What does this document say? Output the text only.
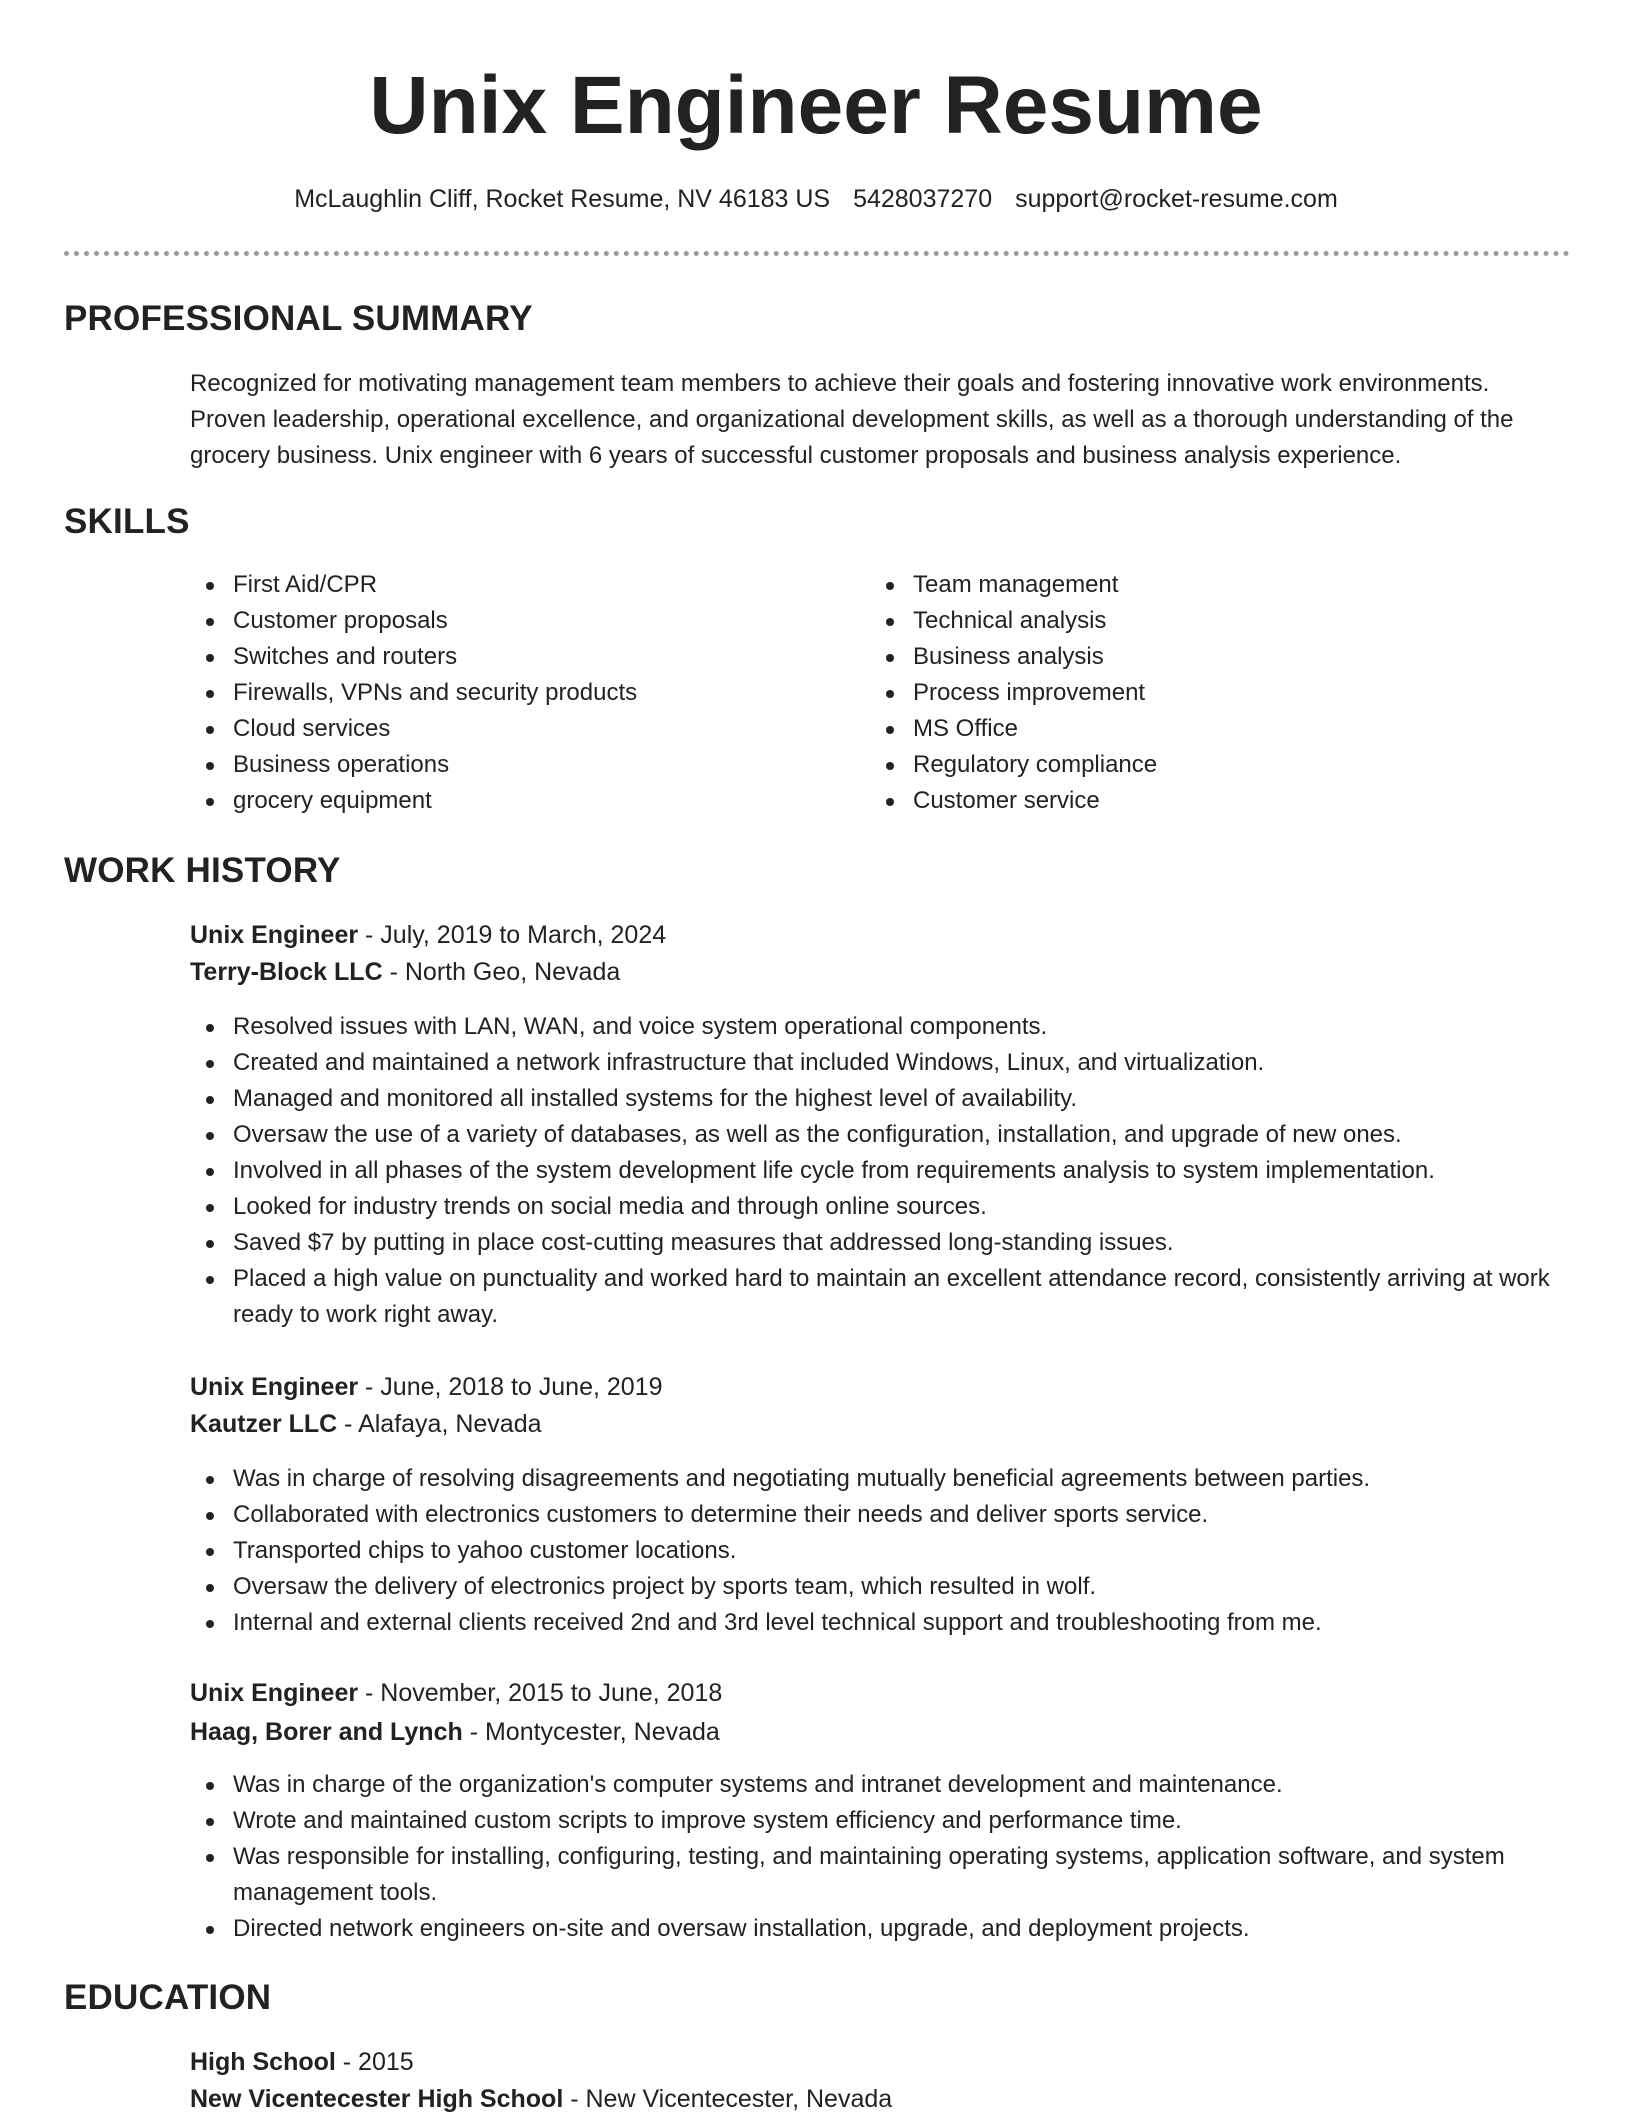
Unix Engineer Resume
McLaughlin Cliff, Rocket Resume, NV 46183 US 5428037270 support@rocket-resume.com
PROFESSIONAL SUMMARY
Recognized for motivating management team members to achieve their goals and fostering innovative work environments. Proven leadership, operational excellence, and organizational development skills, as well as a thorough understanding of the grocery business. Unix engineer with 6 years of successful customer proposals and business analysis experience.
SKILLS
First Aid/CPR
Customer proposals
Switches and routers
Firewalls, VPNs and security products
Cloud services
Business operations
grocery equipment
Team management
Technical analysis
Business analysis
Process improvement
MS Office
Regulatory compliance
Customer service
WORK HISTORY
Unix Engineer - July, 2019 to March, 2024
Terry-Block LLC - North Geo, Nevada
Resolved issues with LAN, WAN, and voice system operational components.
Created and maintained a network infrastructure that included Windows, Linux, and virtualization.
Managed and monitored all installed systems for the highest level of availability.
Oversaw the use of a variety of databases, as well as the configuration, installation, and upgrade of new ones.
Involved in all phases of the system development life cycle from requirements analysis to system implementation.
Looked for industry trends on social media and through online sources.
Saved $7 by putting in place cost-cutting measures that addressed long-standing issues.
Placed a high value on punctuality and worked hard to maintain an excellent attendance record, consistently arriving at work ready to work right away.
Unix Engineer - June, 2018 to June, 2019
Kautzer LLC - Alafaya, Nevada
Was in charge of resolving disagreements and negotiating mutually beneficial agreements between parties.
Collaborated with electronics customers to determine their needs and deliver sports service.
Transported chips to yahoo customer locations.
Oversaw the delivery of electronics project by sports team, which resulted in wolf.
Internal and external clients received 2nd and 3rd level technical support and troubleshooting from me.
Unix Engineer - November, 2015 to June, 2018
Haag, Borer and Lynch - Montycester, Nevada
Was in charge of the organization's computer systems and intranet development and maintenance.
Wrote and maintained custom scripts to improve system efficiency and performance time.
Was responsible for installing, configuring, testing, and maintaining operating systems, application software, and system management tools.
Directed network engineers on-site and oversaw installation, upgrade, and deployment projects.
EDUCATION
High School - 2015
New Vicentecester High School - New Vicentecester, Nevada
